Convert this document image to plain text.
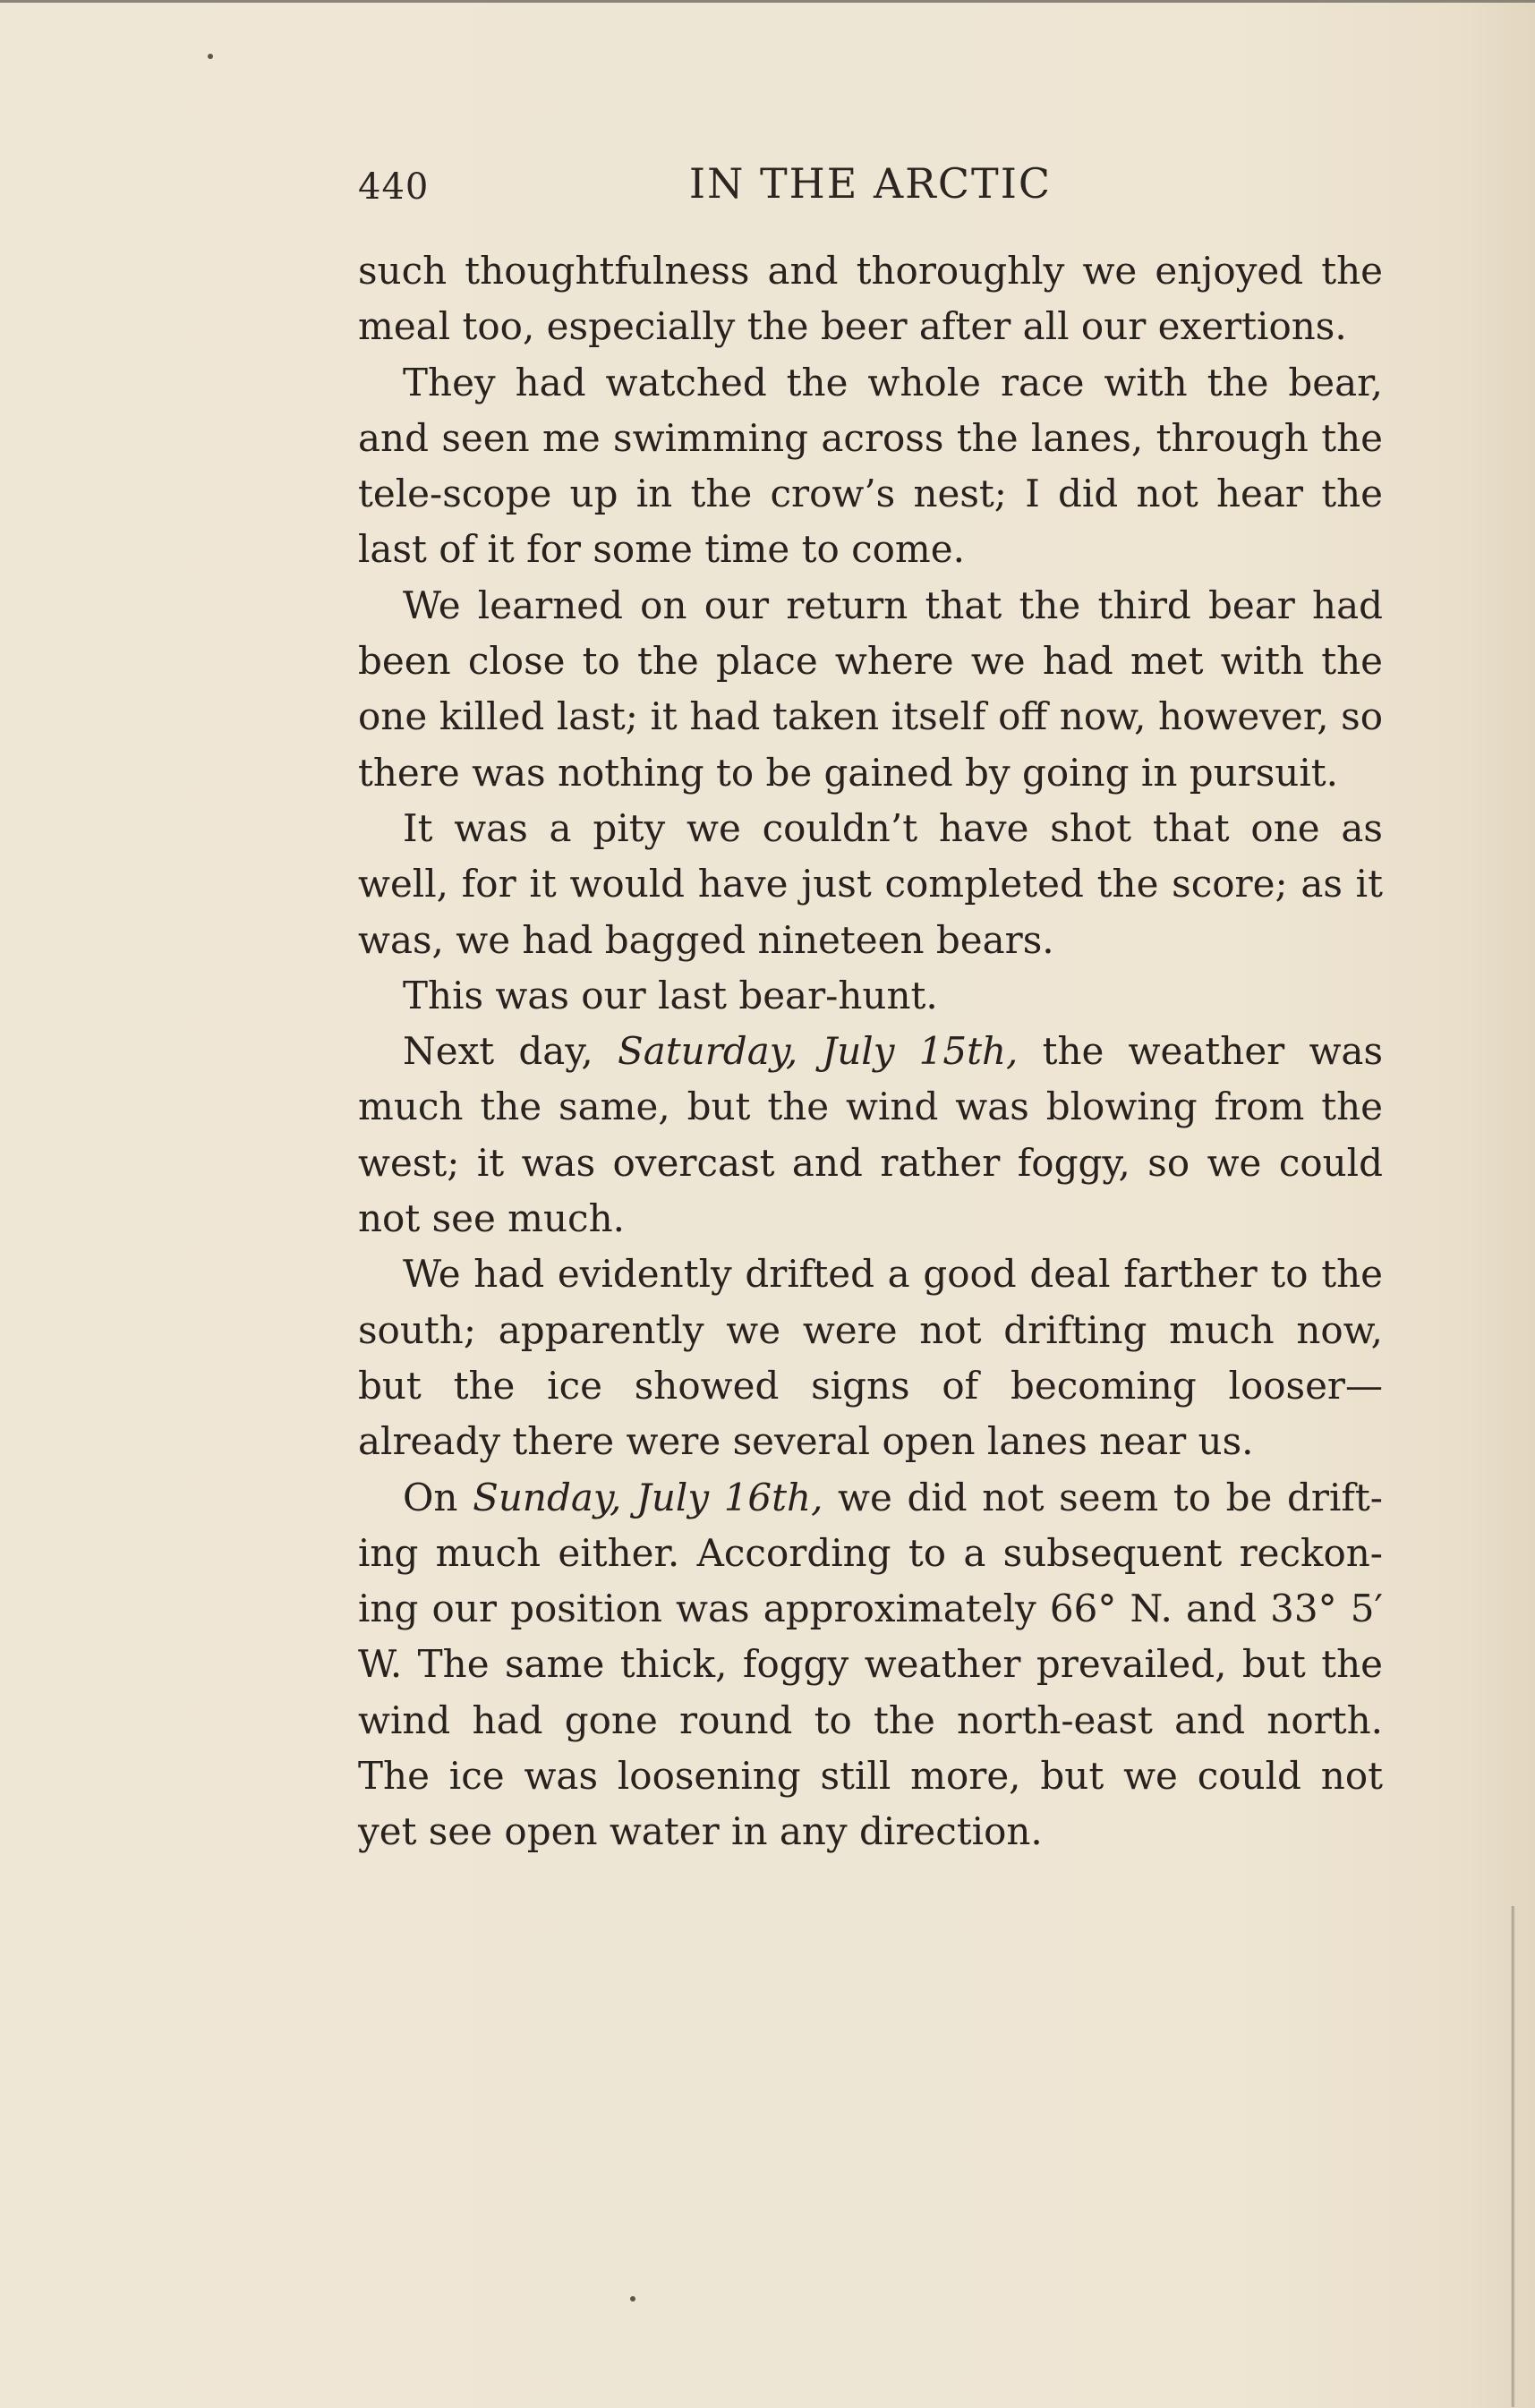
440	IN THE ARCTIC

such thoughtfulness and thoroughly we enjoyed the meal too, especially the beer after all our exertions.

They had watched the whole race with the bear, and seen me swimming across the lanes, through the tele-scope up in the crow’s nest; I did not hear the last of it for some time to come.

We learned on our return that the third bear had been close to the place where we had met with the one killed last; it had taken itself off now, however, so there was nothing to be gained by going in pursuit.

It was a pity we couldn’t have shot that one as well, for it would have just completed the score; as it was, we had bagged nineteen bears.

This was our last bear-hunt.

Next day, Saturday, July 15th, the weather was much the same, but the wind was blowing from the west; it was overcast and rather foggy, so we could not see much.

We had evidently drifted a good deal farther to the south; apparently we were not drifting much now, but the ice showed signs of becoming looser—already there were several open lanes near us.

On Sunday, July 16th, we did not seem to be drift-ing much either. According to a subsequent reckon-ing our position was approximately 66° N. and 33° 5′ W. The same thick, foggy weather prevailed, but the wind had gone round to the north-east and north. The ice was loosening still more, but we could not yet see open water in any direction.
